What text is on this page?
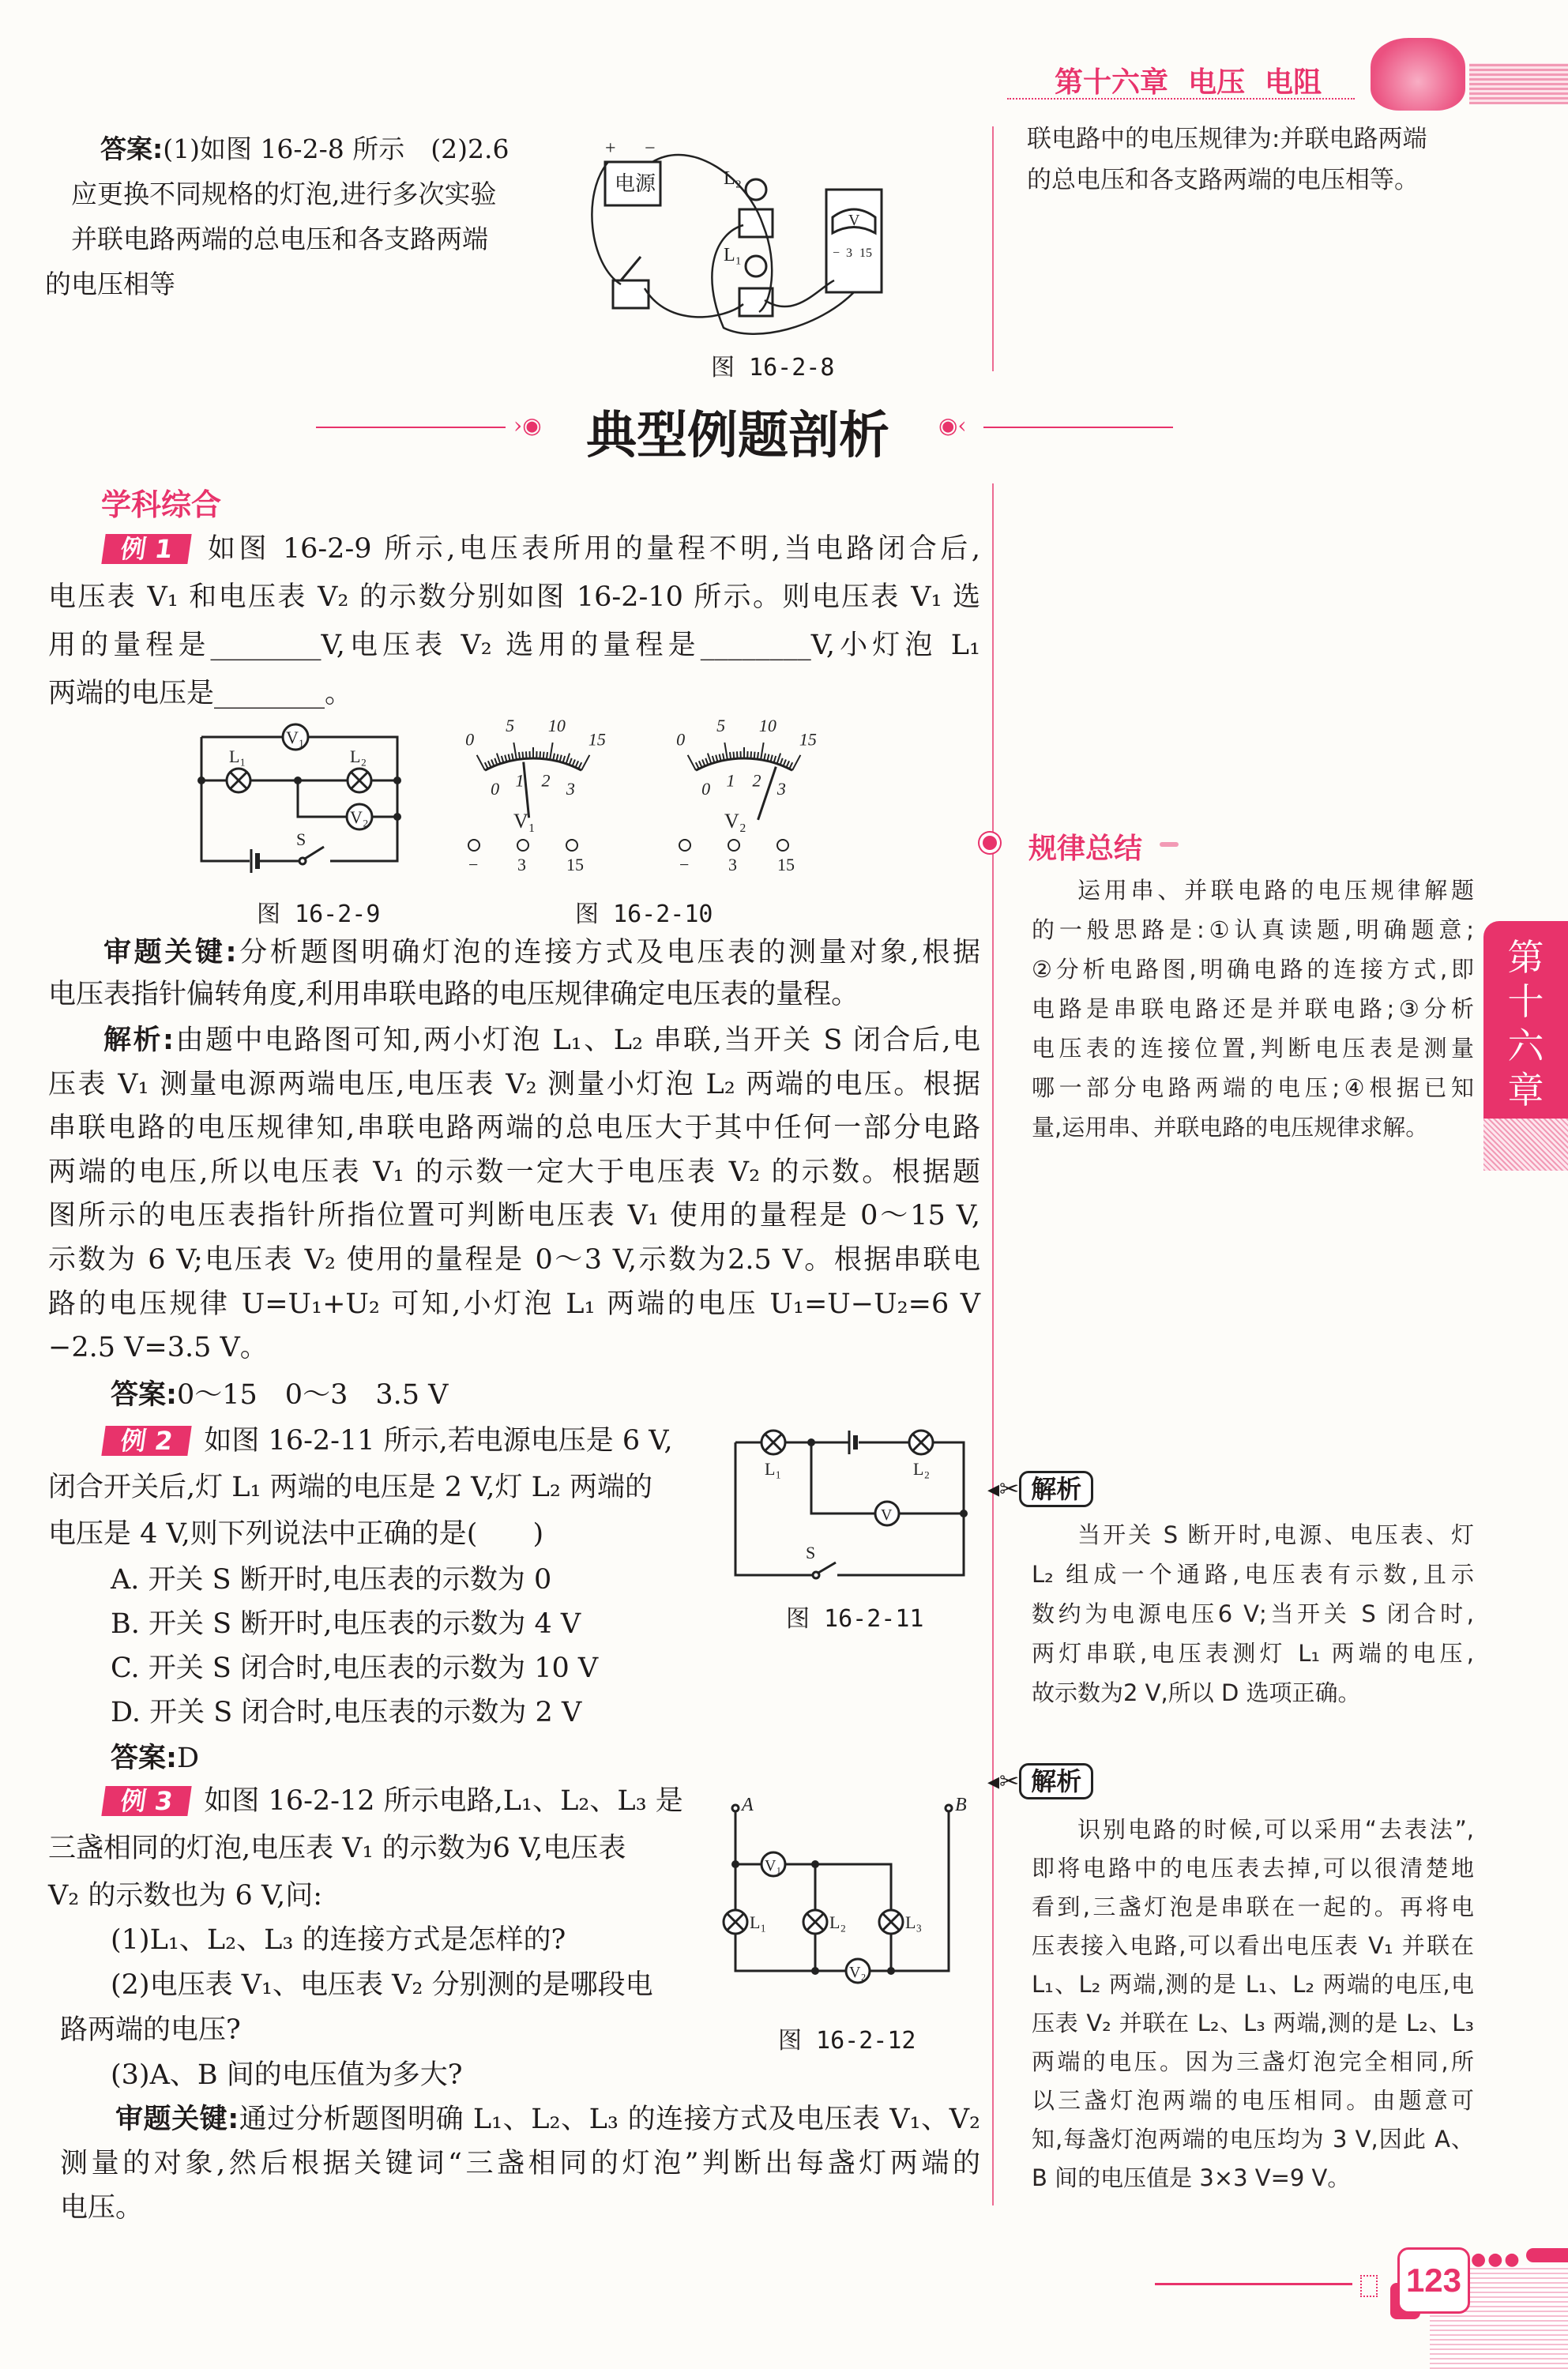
第十六章  电压  电阻
答案:(1)如图 16-2-8 所示　(2)2.6
应更换不同规格的灯泡,进行多次实验
并联电路两端的总电压和各支路两端
的电压相等
电源
+ −
L₂
L₁
V
− 3 15
图 16-2-8
联电路中的电压规律为:并联电路两端
的总电压和各支路两端的电压相等。
›◉ 典型例题剖析 ◉‹
学科综合
例 1 如图 16-2-9 所示,电压表所用的量程不明,当电路闭合后,
电压表 V₁ 和电压表 V₂ 的示数分别如图 16-2-10 所示。则电压表 V₁ 选
用的量程是________V,电压表 V₂ 选用的量程是________V,小灯泡 L₁
两端的电压是________。
V₁
L₁	L₂
V₂
S
图 16-2-9
0
5 10
15
0 1 2 3
V₁
− 3 15
0
5 10
15
0 1 2 3
V₂
− 3 15
图 16-2-10
审题关键:分析题图明确灯泡的连接方式及电压表的测量对象,根据
电压表指针偏转角度,利用串联电路的电压规律确定电压表的量程。
解析:由题中电路图可知,两小灯泡 L₁、L₂ 串联,当开关 S 闭合后,电
压表 V₁ 测量电源两端电压,电压表 V₂ 测量小灯泡 L₂ 两端的电压。根据
串联电路的电压规律知,串联电路两端的总电压大于其中任何一部分电路
两端的电压,所以电压表 V₁ 的示数一定大于电压表 V₂ 的示数。根据题
图所示的电压表指针所指位置可判断电压表 V₁ 使用的量程是 0～15 V,
示数为 6 V;电压表 V₂ 使用的量程是 0～3 V,示数为2.5 V。根据串联电
路的电压规律 U=U₁+U₂ 可知,小灯泡 L₁ 两端的电压 U₁=U−U₂=6 V
−2.5 V=3.5 V。
答案:0～15　0～3　3.5 V
例 2 如图 16-2-11 所示,若电源电压是 6 V,
闭合开关后,灯 L₁ 两端的电压是 2 V,灯 L₂ 两端的
电压是 4 V,则下列说法中正确的是(　　)
A. 开关 S 断开时,电压表的示数为 0
B. 开关 S 断开时,电压表的示数为 4 V
C. 开关 S 闭合时,电压表的示数为 10 V
D. 开关 S 闭合时,电压表的示数为 2 V
答案:D
L₁	L₂
V
S
图 16-2-11
例 3 如图 16-2-12 所示电路,L₁、L₂、L₃ 是
三盏相同的灯泡,电压表 V₁ 的示数为6 V,电压表
V₂ 的示数也为 6 V,问:
(1)L₁、L₂、L₃ 的连接方式是怎样的?
(2)电压表 V₁、电压表 V₂ 分别测的是哪段电
路两端的电压?
(3)A、B 间的电压值为多大?
审题关键:通过分析题图明确 L₁、L₂、L₃ 的连接方式及电压表 V₁、V₂
测量的对象,然后根据关键词“三盏相同的灯泡”判断出每盏灯两端的
电压。
A	B
V₁
L₁	L₂	L₃
V₂
图 16-2-12
规律总结
运用串、并联电路的电压规律解题
的一般思路是:①认真读题,明确题意;
②分析电路图,明确电路的连接方式,即
电路是串联电路还是并联电路;③分析
电压表的连接位置,判断电压表是测量
哪一部分电路两端的电压;④根据已知
量,运用串、并联电路的电压规律求解。
◂✂ 解析
当开关 S 断开时,电源、电压表、灯
L₂ 组成一个通路,电压表有示数,且示
数约为电源电压6 V;当开关 S 闭合时,
两灯串联,电压表测灯 L₁ 两端的电压,
故示数为2 V,所以 D 选项正确。
◂✂ 解析
识别电路的时候,可以采用“去表法”,
即将电路中的电压表去掉,可以很清楚地
看到,三盏灯泡是串联在一起的。再将电
压表接入电路,可以看出电压表 V₁ 并联在
L₁、L₂ 两端,测的是 L₁、L₂ 两端的电压,电
压表 V₂ 并联在 L₂、L₃ 两端,测的是 L₂、L₃
两端的电压。因为三盏灯泡完全相同,所
以三盏灯泡两端的电压相同。由题意可
知,每盏灯泡两端的电压均为 3 V,因此 A、
B 间的电压值是 3×3 V=9 V。
第十六章
123
●●●
